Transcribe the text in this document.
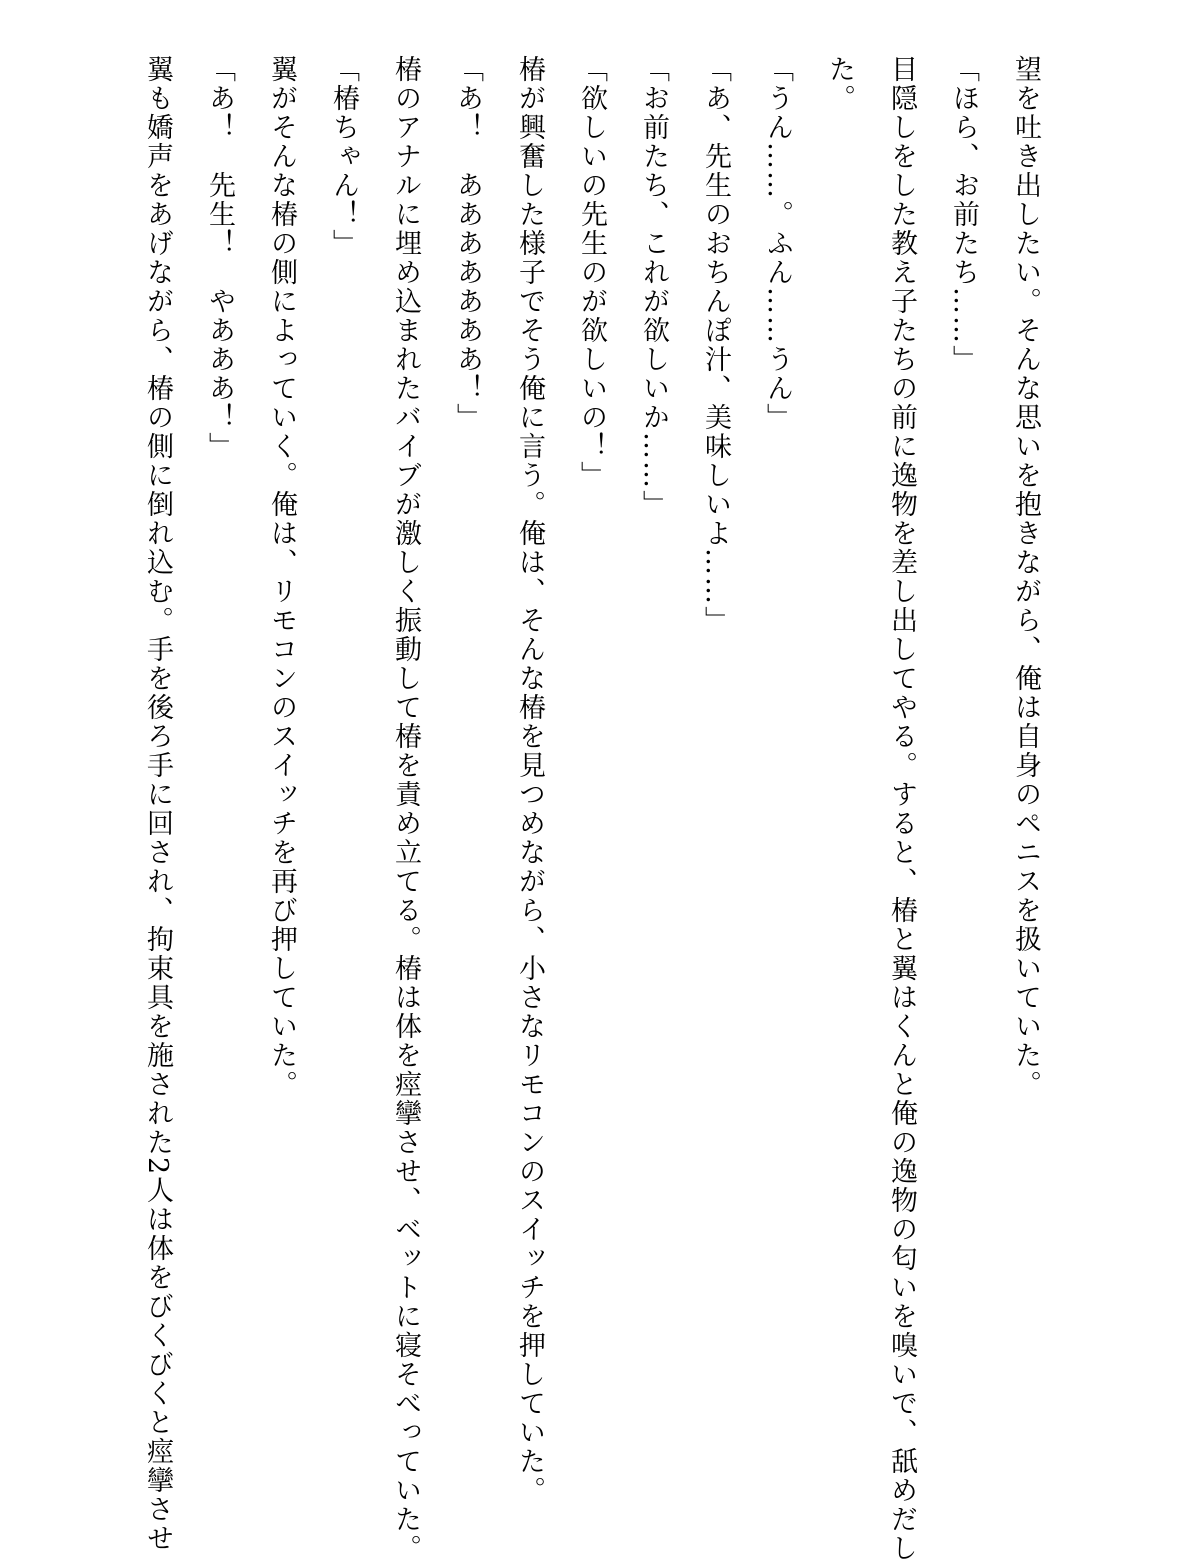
望を吐き出したい。そんな思いを抱きながら、俺は自身のペニスを扱いていた。

「ほら、お前たち……」

目隠しをした教え子たちの前に逸物を差し出してやる。すると、椿と翼はくんと俺の逸物の匂いを嗅いで、舐めだし

た。

「うん……。ふん……うん」

「あ、先生のおちんぽ汁、美味しいよ……」

「お前たち、これが欲しいか……」

「欲しいの先生のが欲しいの！」

椿が興奮した様子でそう俺に言う。俺は、そんな椿を見つめながら、小さなリモコンのスイッチを押していた。

「あ！　あああああああ！」

椿のアナルに埋め込まれたバイブが激しく振動して椿を責め立てる。椿は体を痙攣させ、ベットに寝そべっていた。

「椿ちゃん！」

翼がそんな椿の側によっていく。俺は、リモコンのスイッチを再び押していた。

「あ！　先生！　やあああ！」

翼も嬌声をあげながら、椿の側に倒れ込む。手を後ろ手に回され、拘束具を施された2人は体をびくびくと痙攣させ
